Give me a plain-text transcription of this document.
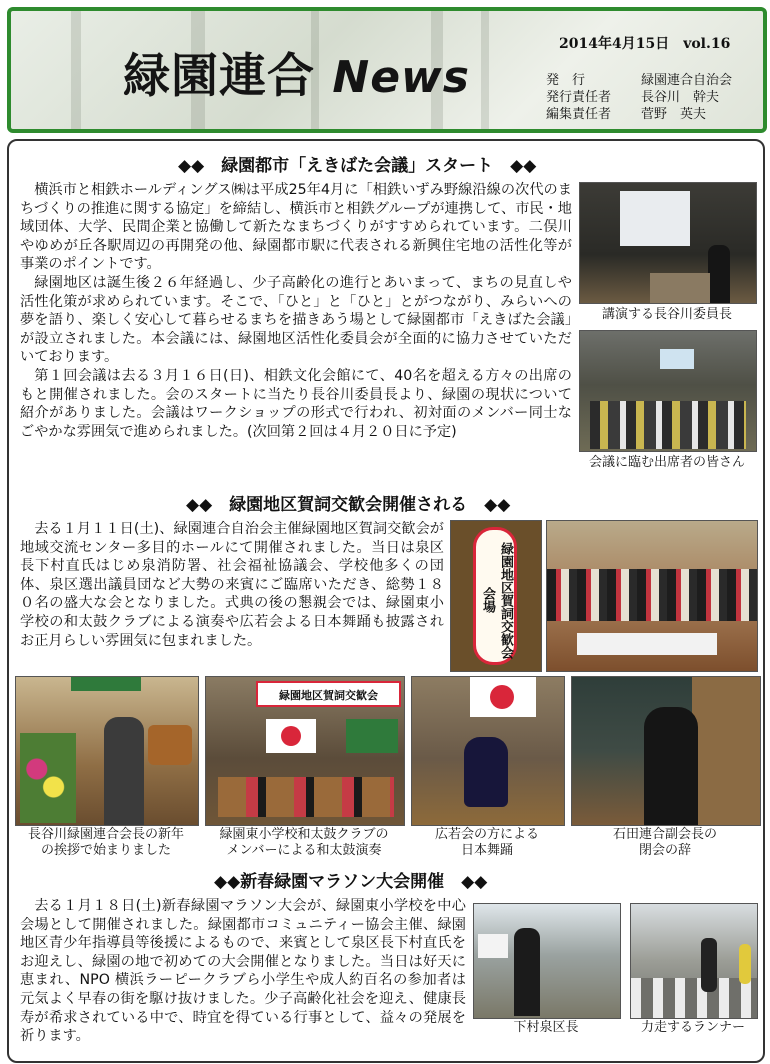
緑園連合 News
2014年4月15日　vol.16
発　行	緑園連合自治会
発行責任者 長谷川　幹夫
編集責任者 菅野　英夫
◆◆　緑園都市「えきばた会議」スタート　◆◆

横浜市と相鉄ホールディングス㈱は平成25年4月に「相鉄いずみ野線沿線の次代のまちづくりの推進に関する協定」を締結し、横浜市と相鉄グループが連携して、市民・地域団体、大学、民間企業と協働して新たなまちづくりがすすめられています。二俣川やゆめが丘各駅周辺の再開発の他、緑園都市駅に代表される新興住宅地の活性化等が事業のポイントです。

緑園地区は誕生後２６年経過し、少子高齢化の進行とあいまって、まちの見直しや活性化策が求められています。そこで、「ひと」と「ひと」とがつながり、みらいへの夢を語り、楽しく安心して暮らせるまちを描きあう場として緑園都市「えきばた会議」が設立されました。本会議には、緑園地区活性化委員会が全面的に協力させていただいております。

第１回会議は去る３月１６日(日)、相鉄文化会館にて、40名を超える方々の出席のもと開催されました。会のスタートに当たり長谷川委員長より、緑園の現状について紹介がありました。会議はワークショップの形式で行われ、初対面のメンバー同士なごやかな雰囲気で進められました。(次回第２回は４月２０日に予定)

講演する長谷川委員長
会議に臨む出席者の皆さん
◆◆　緑園地区賀詞交歓会開催される　◆◆

去る１月１１日(土)、緑園連合自治会主催緑園地区賀詞交歓会が地域交流センター多目的ホールにて開催されました。当日は泉区長下村直氏はじめ泉消防署、社会福祉協議会、学校他多くの団体、泉区選出議員団など大勢の来賓にご臨席いただき、総勢１８０名の盛大な会となりました。式典の後の懇親会では、緑園東小学校の和太鼓クラブによる演奏や広若会よる日本舞踊も披露されお正月らしい雰囲気に包まれました。	緑園地区賀詞交歓会会場
長谷川緑園連合会長の新年
の挨拶で始まりました
緑園地区賀詞交歓会
緑園東小学校和太鼓クラブの
メンバーによる和太鼓演奏
広若会の方による
日本舞踊
石田連合副会長の
閉会の辞
◆◆新春緑園マラソン大会開催　◆◆

去る１月１８日(土)新春緑園マラソン大会が、緑園東小学校を中心会場として開催されました。緑園都市コミュニティー協会主催、緑園地区青少年指導員等後援によるもので、来賓として泉区長下村直氏をお迎えし、緑園の地で初めての大会開催となりました。当日は好天に恵まれ、NPO 横浜ラーピークラブら小学生や成人約百名の参加者は元気よく早春の街を駆け抜けました。少子高齢化社会を迎え、健康長寿が希求されている中で、時宜を得ている行事として、益々の発展を祈ります。

下村泉区長	力走するランナー
